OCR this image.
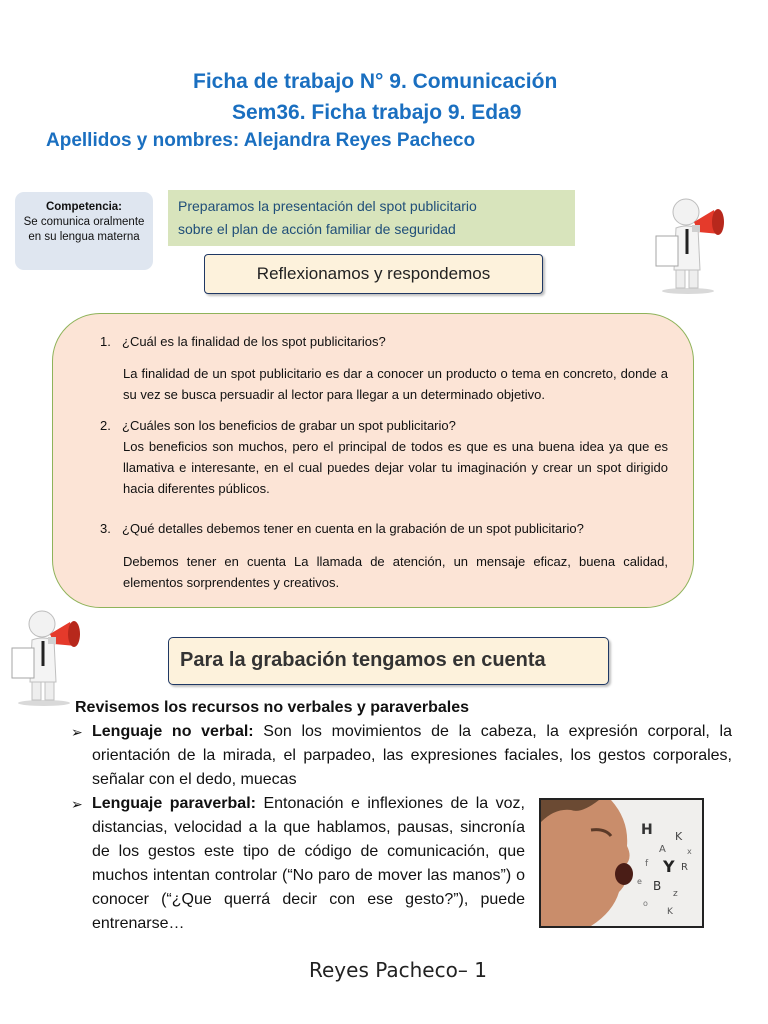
Ficha de trabajo N° 9. Comunicación
Sem36. Ficha trabajo 9. Eda9
Apellidos y nombres: Alejandra Reyes Pacheco
Competencia:
Se comunica oralmente en su lengua materna
Preparamos la presentación del spot publicitario
sobre el plan de acción familiar de seguridad
Reflexionamos y respondemos
1. ¿Cuál es la finalidad de los spot publicitarios?
La finalidad de un spot publicitario es dar a conocer un producto o tema en concreto, donde a su vez se busca persuadir al lector para llegar a un determinado objetivo.
2. ¿Cuáles son los beneficios de grabar un spot publicitario?
Los beneficios son muchos, pero el principal de todos es que es una buena idea ya que es llamativa e interesante, en el cual puedes dejar volar tu imaginación y crear un spot dirigido hacia diferentes públicos.
3. ¿Qué detalles debemos tener en cuenta en la grabación de un spot publicitario?
Debemos tener en cuenta La llamada de atención, un mensaje eficaz, buena calidad, elementos sorprendentes y creativos.
Para la grabación tengamos en cuenta
Revisemos los recursos no verbales y paraverbales
➢ Lenguaje no verbal: Son los movimientos de la cabeza, la expresión corporal, la orientación de la mirada, el parpadeo, las expresiones faciales, los gestos corporales, señalar con el dedo, muecas
➢ Lenguaje paraverbal: Entonación e inflexiones de la voz, distancias, velocidad a la que hablamos, pausas, sincronía de los gestos este tipo de código de comunicación, que muchos intentan controlar (“No paro de mover las manos”) o conocer (“¿Que querrá decir con ese gesto?”), puede entrenarse…
H
A
K
Y
f	R
B
z
e
x
K
o
Reyes Pacheco– 1
